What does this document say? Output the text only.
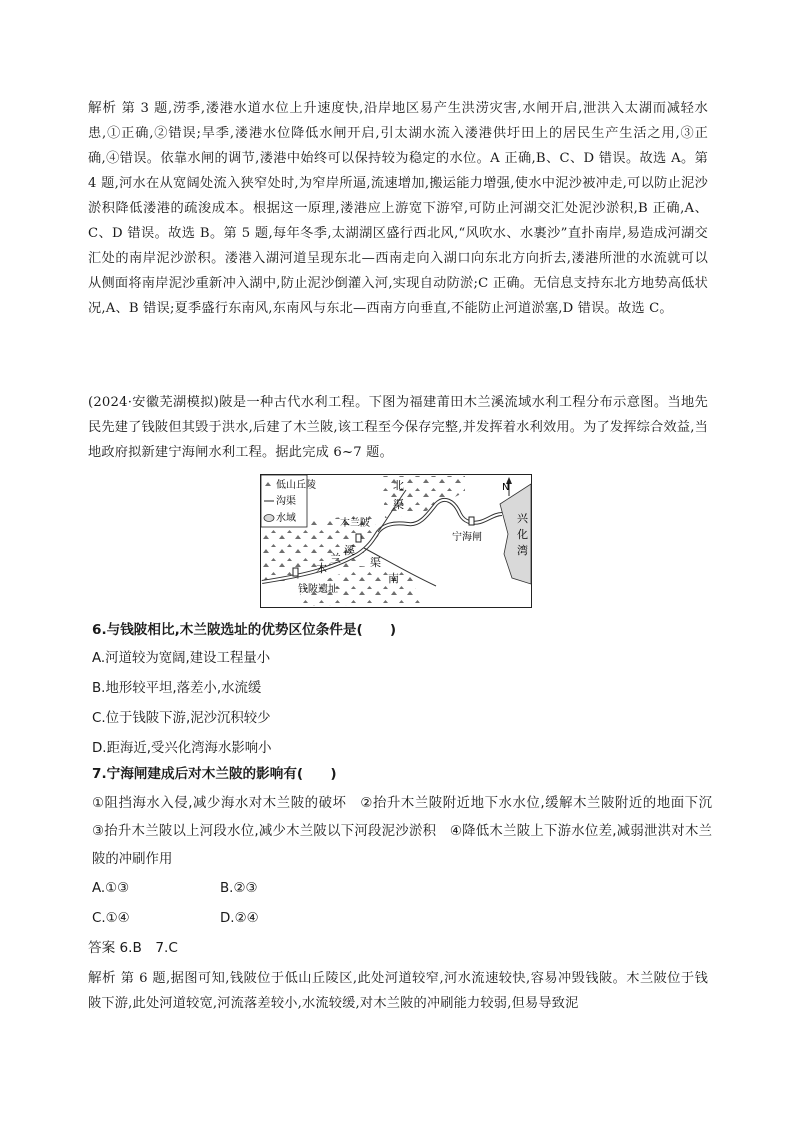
解析 第 3 题,涝季,溇港水道水位上升速度快,沿岸地区易产生洪涝灾害,水闸开启,泄洪入太湖而减轻水患,①正确,②错误;旱季,溇港水位降低水闸开启,引太湖水流入溇港供圩田上的居民生产生活之用,③正确,④错误。依靠水闸的调节,溇港中始终可以保持较为稳定的水位。A 正确,B、C、D 错误。故选 A。第 4 题,河水在从宽阔处流入狭窄处时,为窄岸所逼,流速增加,搬运能力增强,使水中泥沙被冲走,可以防止泥沙淤积降低溇港的疏浚成本。根据这一原理,溇港应上游宽下游窄,可防止河湖交汇处泥沙淤积,B 正确,A、C、D 错误。故选 B。第 5 题,每年冬季,太湖湖区盛行西北风,“风吹水、水裹沙”直扑南岸,易造成河湖交汇处的南岸泥沙淤积。溇港入湖河道呈现东北—西南走向入湖口向东北方向折去,溇港所泄的水流就可以从侧面将南岸泥沙重新冲入湖中,防止泥沙倒灌入河,实现自动防淤;C 正确。无信息支持东北方地势高低状况,A、B 错误;夏季盛行东南风,东南风与东北—西南方向垂直,不能防止河道淤塞,D 错误。故选 C。
(2024·安徽芜湖模拟)陂是一种古代水利工程。下图为福建莆田木兰溪流域水利工程分布示意图。当地先民先建了钱陂但其毁于洪水,后建了木兰陂,该工程至今保存完整,并发挥着水利效用。为了发挥综合效益,当地政府拟新建宁海闸水利工程。据此完成 6~7 题。
低山丘陵
沟渠
水域
N
北
渠
木兰陂
溪
兰
木	渠
南
钱陂遗址
宁海闸
兴
化
湾
6.与钱陂相比,木兰陂选址的优势区位条件是(　　)
A.河道较为宽阔,建设工程量小
B.地形较平坦,落差小,水流缓
C.位于钱陂下游,泥沙沉积较少
D.距海近,受兴化湾海水影响小
7.宁海闸建成后对木兰陂的影响有(　　)
①阻挡海水入侵,减少海水对木兰陂的破坏　②抬升木兰陂附近地下水水位,缓解木兰陂附近的地面下沉　③抬升木兰陂以上河段水位,减少木兰陂以下河段泥沙淤积　④降低木兰陂上下游水位差,减弱泄洪对木兰陂的冲刷作用
A.①③	B.②③
C.①④	D.②④
答案 6.B　7.C
解析 第 6 题,据图可知,钱陂位于低山丘陵区,此处河道较窄,河水流速较快,容易冲毁钱陂。木兰陂位于钱陂下游,此处河道较宽,河流落差较小,水流较缓,对木兰陂的冲刷能力较弱,但易导致泥
